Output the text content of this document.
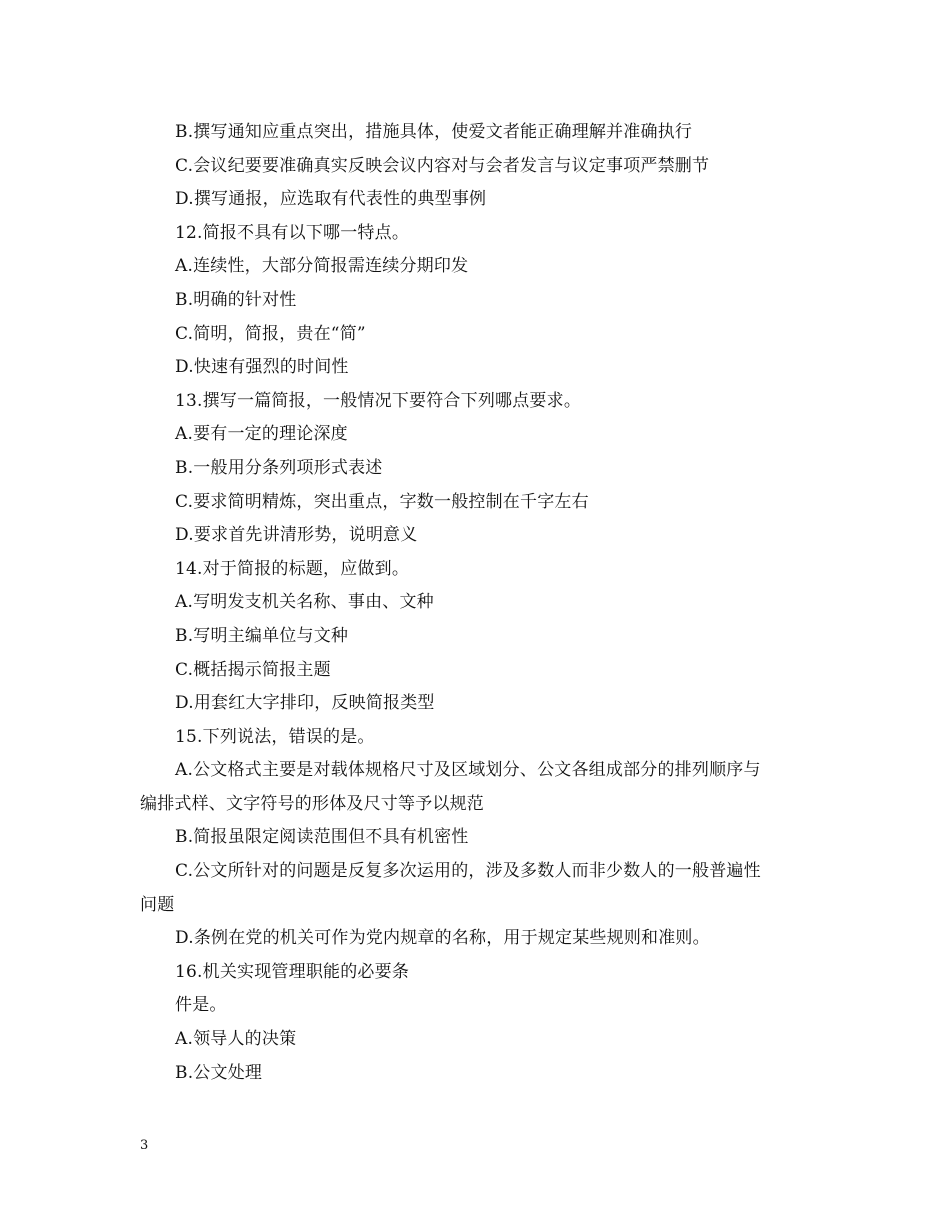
B.撰写通知应重点突出，措施具体，使爱文者能正确理解并准确执行
C.会议纪要要准确真实反映会议内容对与会者发言与议定事项严禁删节
D.撰写通报，应选取有代表性的典型事例
12.简报不具有以下哪一特点。
A.连续性，大部分简报需连续分期印发
B.明确的针对性
C.简明，简报，贵在“简”
D.快速有强烈的时间性
13.撰写一篇简报，一般情况下要符合下列哪点要求。
A.要有一定的理论深度
B.一般用分条列项形式表述
C.要求简明精炼，突出重点，字数一般控制在千字左右
D.要求首先讲清形势，说明意义
14.对于简报的标题，应做到。
A.写明发支机关名称、事由、文种
B.写明主编单位与文种
C.概括揭示简报主题
D.用套红大字排印，反映简报类型
15.下列说法，错误的是。
A.公文格式主要是对载体规格尺寸及区域划分、公文各组成部分的排列顺序与
编排式样、文字符号的形体及尺寸等予以规范
B.简报虽限定阅读范围但不具有机密性
C.公文所针对的问题是反复多次运用的，涉及多数人而非少数人的一般普遍性
问题
D.条例在党的机关可作为党内规章的名称，用于规定某些规则和准则。
16.机关实现管理职能的必要条
件是。
A.领导人的决策
B.公文处理
3
